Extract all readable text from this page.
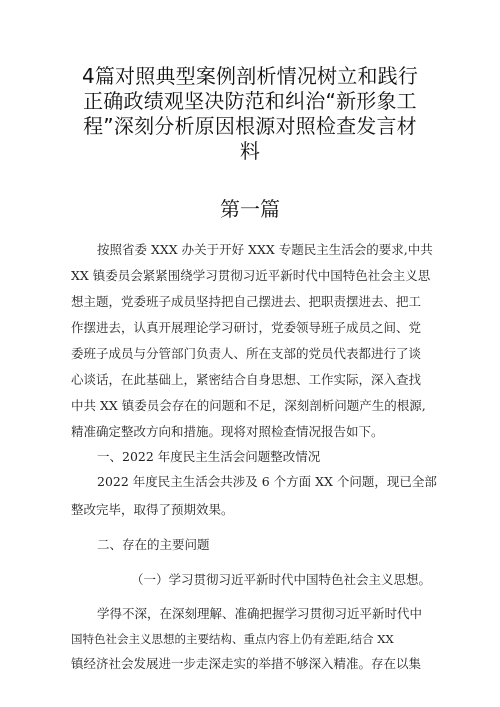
4篇对照典型案例剖析情况树立和践行
正确政绩观坚决防范和纠治“新形象工
程”深刻分析原因根源对照检查发言材
料
第一篇
按照省委 XXX 办关于开好 XXX 专题民主生活会的要求,中共
XX 镇委员会紧紧围绕学习贯彻习近平新时代中国特色社会主义思
想主题，党委班子成员坚持把自己摆进去、把职责摆进去、把工
作摆进去，认真开展理论学习研讨，党委领导班子成员之间、党
委班子成员与分管部门负责人、所在支部的党员代表都进行了谈
心谈话，在此基础上，紧密结合自身思想、工作实际，深入查找
中共 XX 镇委员会存在的问题和不足，深刻剖析问题产生的根源,
精准确定整改方向和措施。现将对照检查情况报告如下。
一、2022 年度民主生活会问题整改情况
2022 年度民主生活会共涉及 6 个方面 XX 个问题，现已全部
整改完毕，取得了预期效果。
二、存在的主要问题
（一）学习贯彻习近平新时代中国特色社会主义思想。
学得不深，在深刻理解、准确把握学习贯彻习近平新时代中
国特色社会主义思想的主要结构、重点内容上仍有差距,结合 XX
镇经济社会发展进一步走深走实的举措不够深入精准。存在以集
